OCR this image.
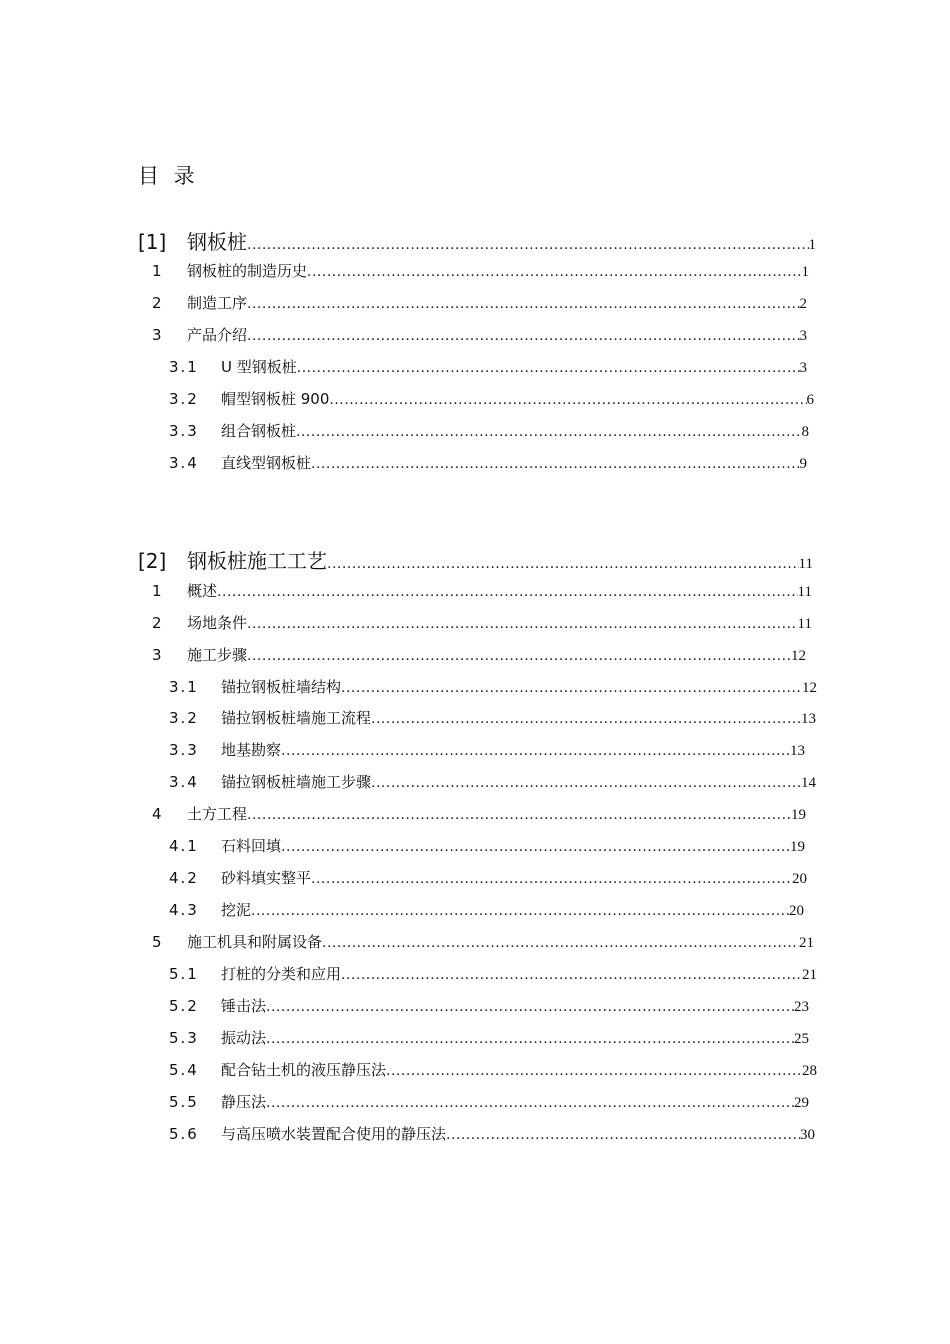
目 录
[1]	钢板桩 .....	1
1	钢板桩的制造历史 .....	1
2	制造工序 .....	2
3	产品介绍 .....	3
3.1	U 型钢板桩 .....	3
3.2	帽型钢板桩 900 .....	6
3.3	组合钢板桩 .....	8
3.4	直线型钢板桩 .....	9
[2]	钢板桩施工工艺 .....	11
1	概述 .....	11
2	场地条件 .....	11
3	施工步骤 .....	12
3.1	锚拉钢板桩墙结构 .....	12
3.2	锚拉钢板桩墙施工流程 .....	13
3.3	地基勘察 .....	13
3.4	锚拉钢板桩墙施工步骤 .....	14
4	土方工程 .....	19
4.1	石料回填 .....	19
4.2	砂料填实整平 .....	20
4.3	挖泥 .....	20
5	施工机具和附属设备 .....	21
5.1	打桩的分类和应用 .....	21
5.2	锤击法 .....	23
5.3	振动法 .....	25
5.4	配合钻土机的液压静压法 .....	28
5.5	静压法 .....	29
5.6	与高压喷水装置配合使用的静压法 .....	30
